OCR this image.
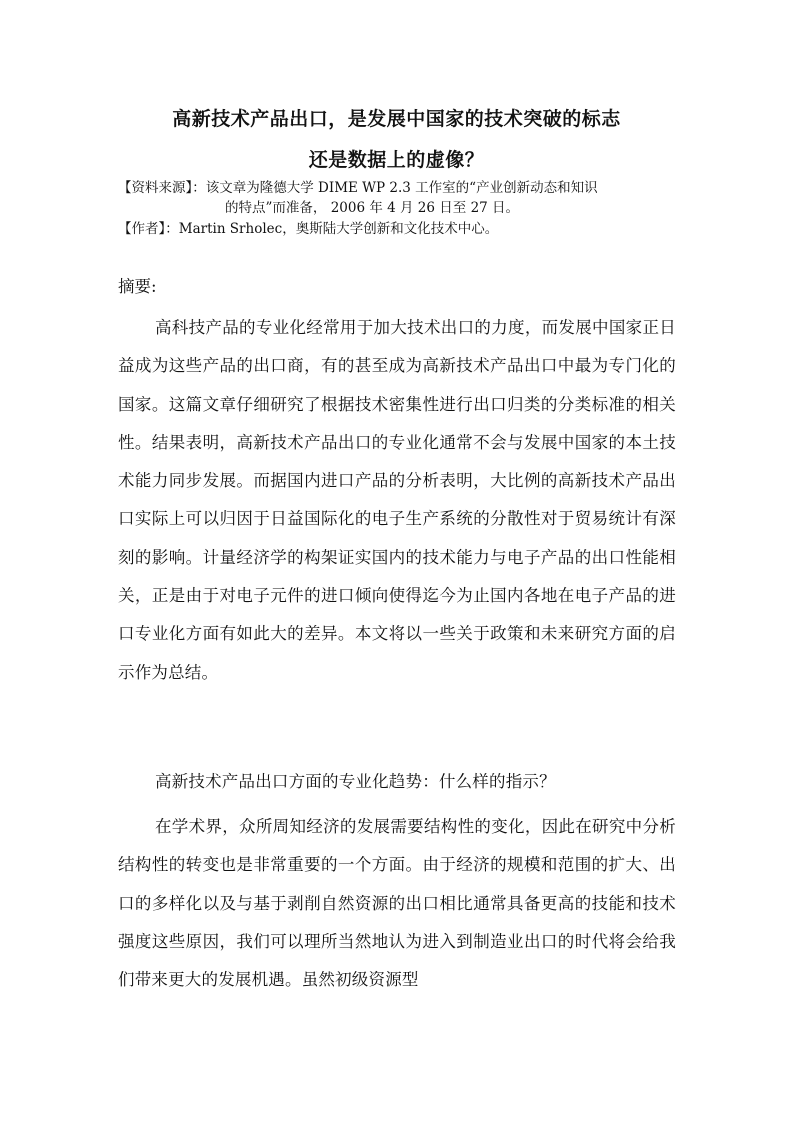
高新技术产品出口，是发展中国家的技术突破的标志
还是数据上的虚像？
【资料来源】：该文章为隆德大学 DIME WP 2.3 工作室的“产业创新动态和知识
的特点”而准备， 2006 年 4 月 26 日至 27 日。
【作者】：Martin Srholec，奥斯陆大学创新和文化技术中心。
摘要:
高科技产品的专业化经常用于加大技术出口的力度，而发展中国家正日益成为这些产品的出口商，有的甚至成为高新技术产品出口中最为专门化的国家。这篇文章仔细研究了根据技术密集性进行出口归类的分类标准的相关性。结果表明，高新技术产品出口的专业化通常不会与发展中国家的本土技术能力同步发展。而据国内进口产品的分析表明，大比例的高新技术产品出口实际上可以归因于日益国际化的电子生产系统的分散性对于贸易统计有深刻的影响。计量经济学的构架证实国内的技术能力与电子产品的出口性能相关，正是由于对电子元件的进口倾向使得迄今为止国内各地在电子产品的进口专业化方面有如此大的差异。本文将以一些关于政策和未来研究方面的启示作为总结。
高新技术产品出口方面的专业化趋势：什么样的指示？
在学术界，众所周知经济的发展需要结构性的变化，因此在研究中分析结构性的转变也是非常重要的一个方面。由于经济的规模和范围的扩大、出口的多样化以及与基于剥削自然资源的出口相比通常具备更高的技能和技术强度这些原因，我们可以理所当然地认为进入到制造业出口的时代将会给我们带来更大的发展机遇。虽然初级资源型
